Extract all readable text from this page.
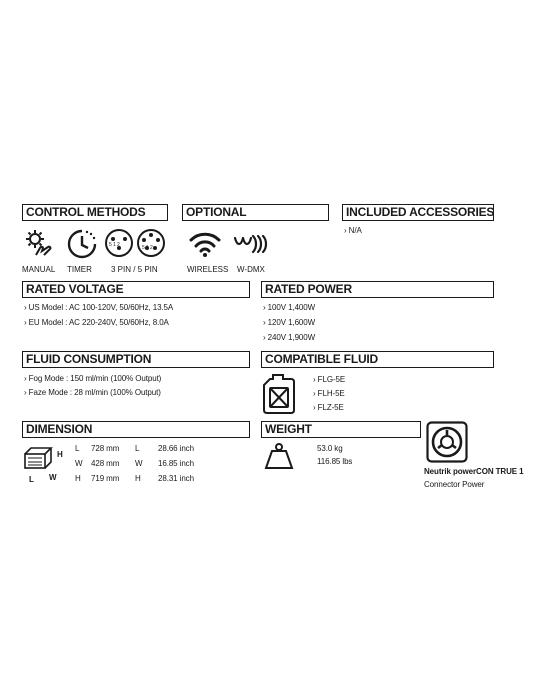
CONTROL METHODS	OPTIONAL	INCLUDED ACCESSORIES
RATED VOLTAGE	RATED POWER
FLUID CONSUMPTION	COMPATIBLE FLUID
DIMENSION	WEIGHT
5 1 2	5 1 2
MANUAL TIMER 3 PIN / 5 PIN	WIRELESS W-DMX
› N/A
› US Model : AC 100-120V, 50/60Hz, 13.5A
› EU Model : AC 220-240V, 50/60Hz, 8.0A
› 100V 1,400W
› 120V 1,600W
› 240V 1,900W
› Fog Mode : 150 ml/min (100% Output)
› Faze Mode : 28 ml/min (100% Output)
› FLG-5E
› FLH-5E
› FLZ-5E
H
L W
L 728 mm L 28.66 inch
W 428 mm W 16.85 inch
H 719 mm H 28.31 inch
53.0 kg
116.85 lbs
Neutrik powerCON TRUE 1
Connector Power
